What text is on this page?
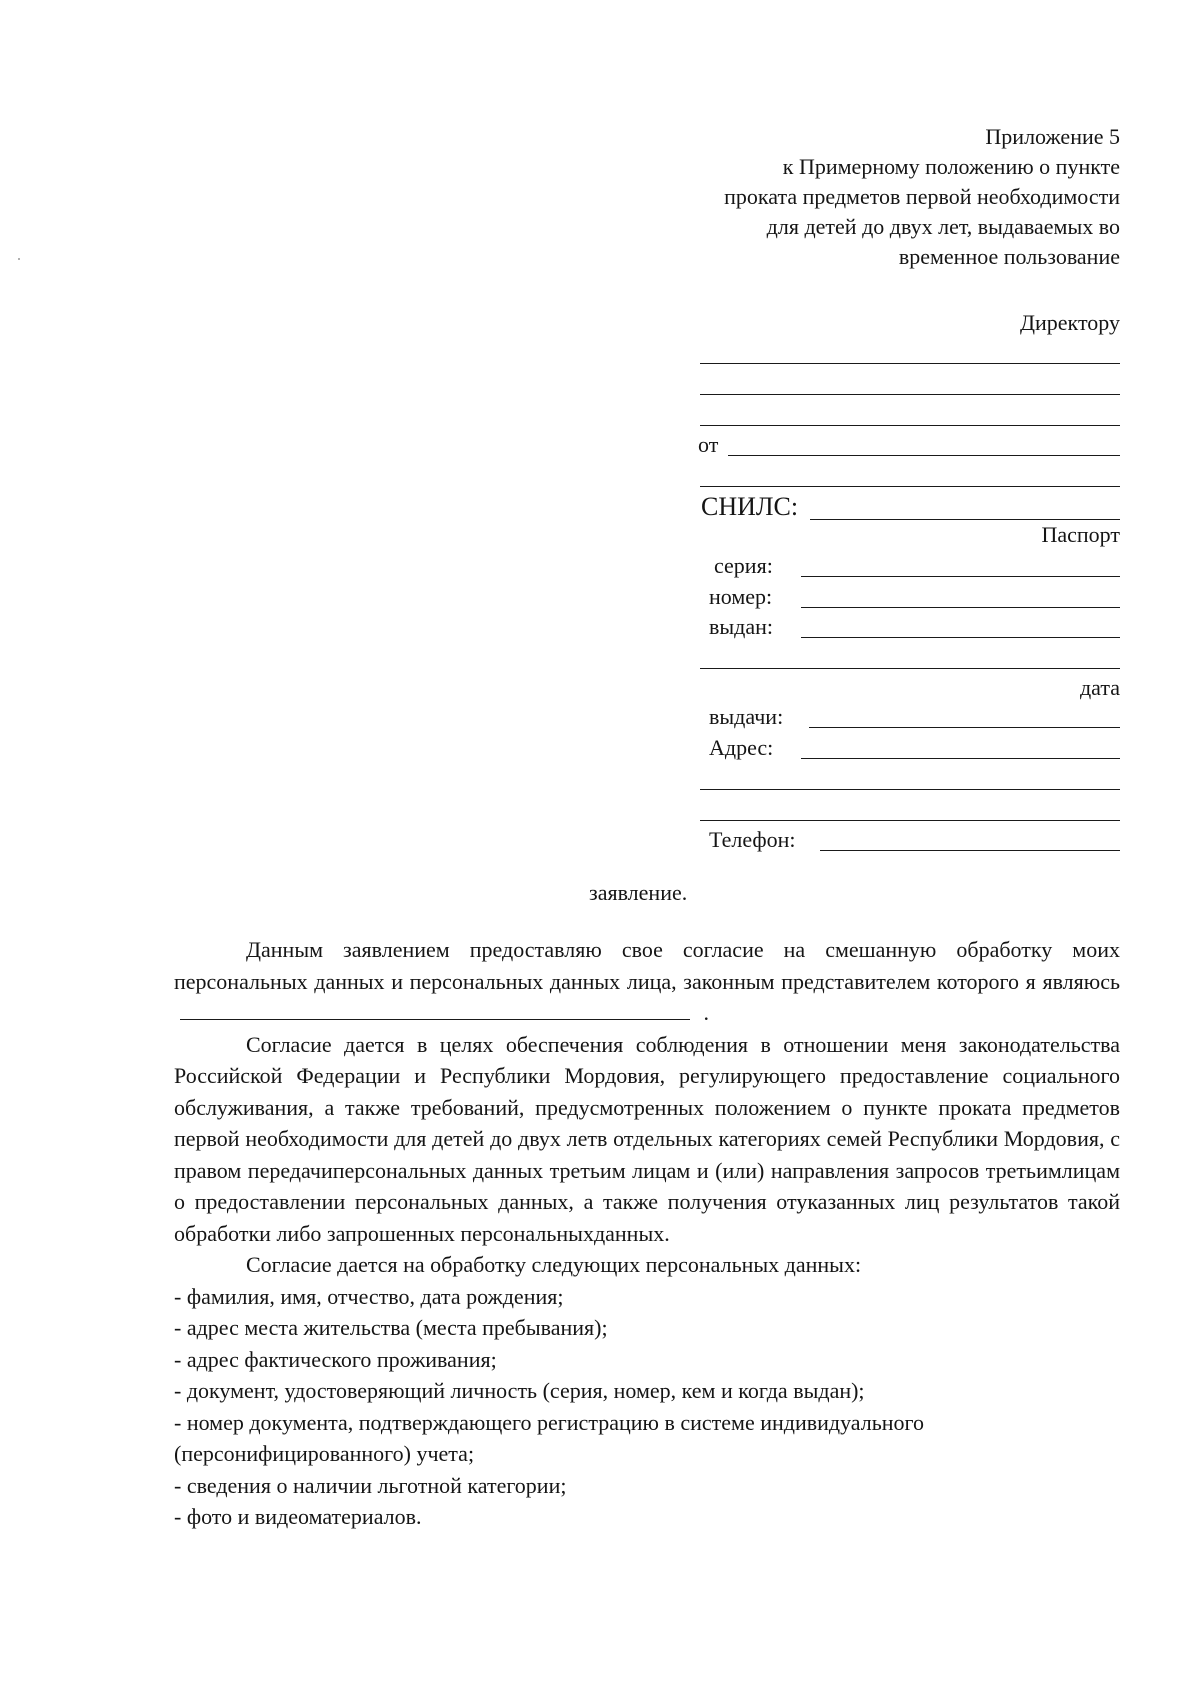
Приложение 5
к Примерному положению о пункте
проката предметов первой необходимости
для детей до двух лет, выдаваемых во
временное пользование
Директору
от
СНИЛС:
Паспорт
серия:
номер:
выдан:
дата
выдачи:
Адрес:
Телефон:
заявление.

Данным заявлением предоставляю свое согласие на смешанную обработку моих персональных данных и персональных данных лица, законным представителем которого я являюсь  .

Согласие дается в целях обеспечения соблюдения в отношении меня законодательства Российской Федерации и Республики Мордовия, регулирующего предоставление социального обслуживания, а также требований, предусмотренных положением о пункте проката предметов первой необходимости для детей до двух летв отдельных категориях семей Республики Мордовия, с правом передачиперсональных данных третьим лицам и (или) направления запросов третьимлицам о предоставлении персональных данных, а также получения отуказанных лиц результатов такой обработки либо запрошенных персональныхданных.

Согласие дается на обработку следующих персональных данных:

- фамилия, имя, отчество, дата рождения;
- адрес места жительства (места пребывания);
- адрес фактического проживания;
- документ, удостоверяющий личность (серия, номер, кем и когда выдан);
- номер документа, подтверждающего регистрацию в системе индивидуального (персонифицированного) учета;
- сведения о наличии льготной категории;
- фото и видеоматериалов.
